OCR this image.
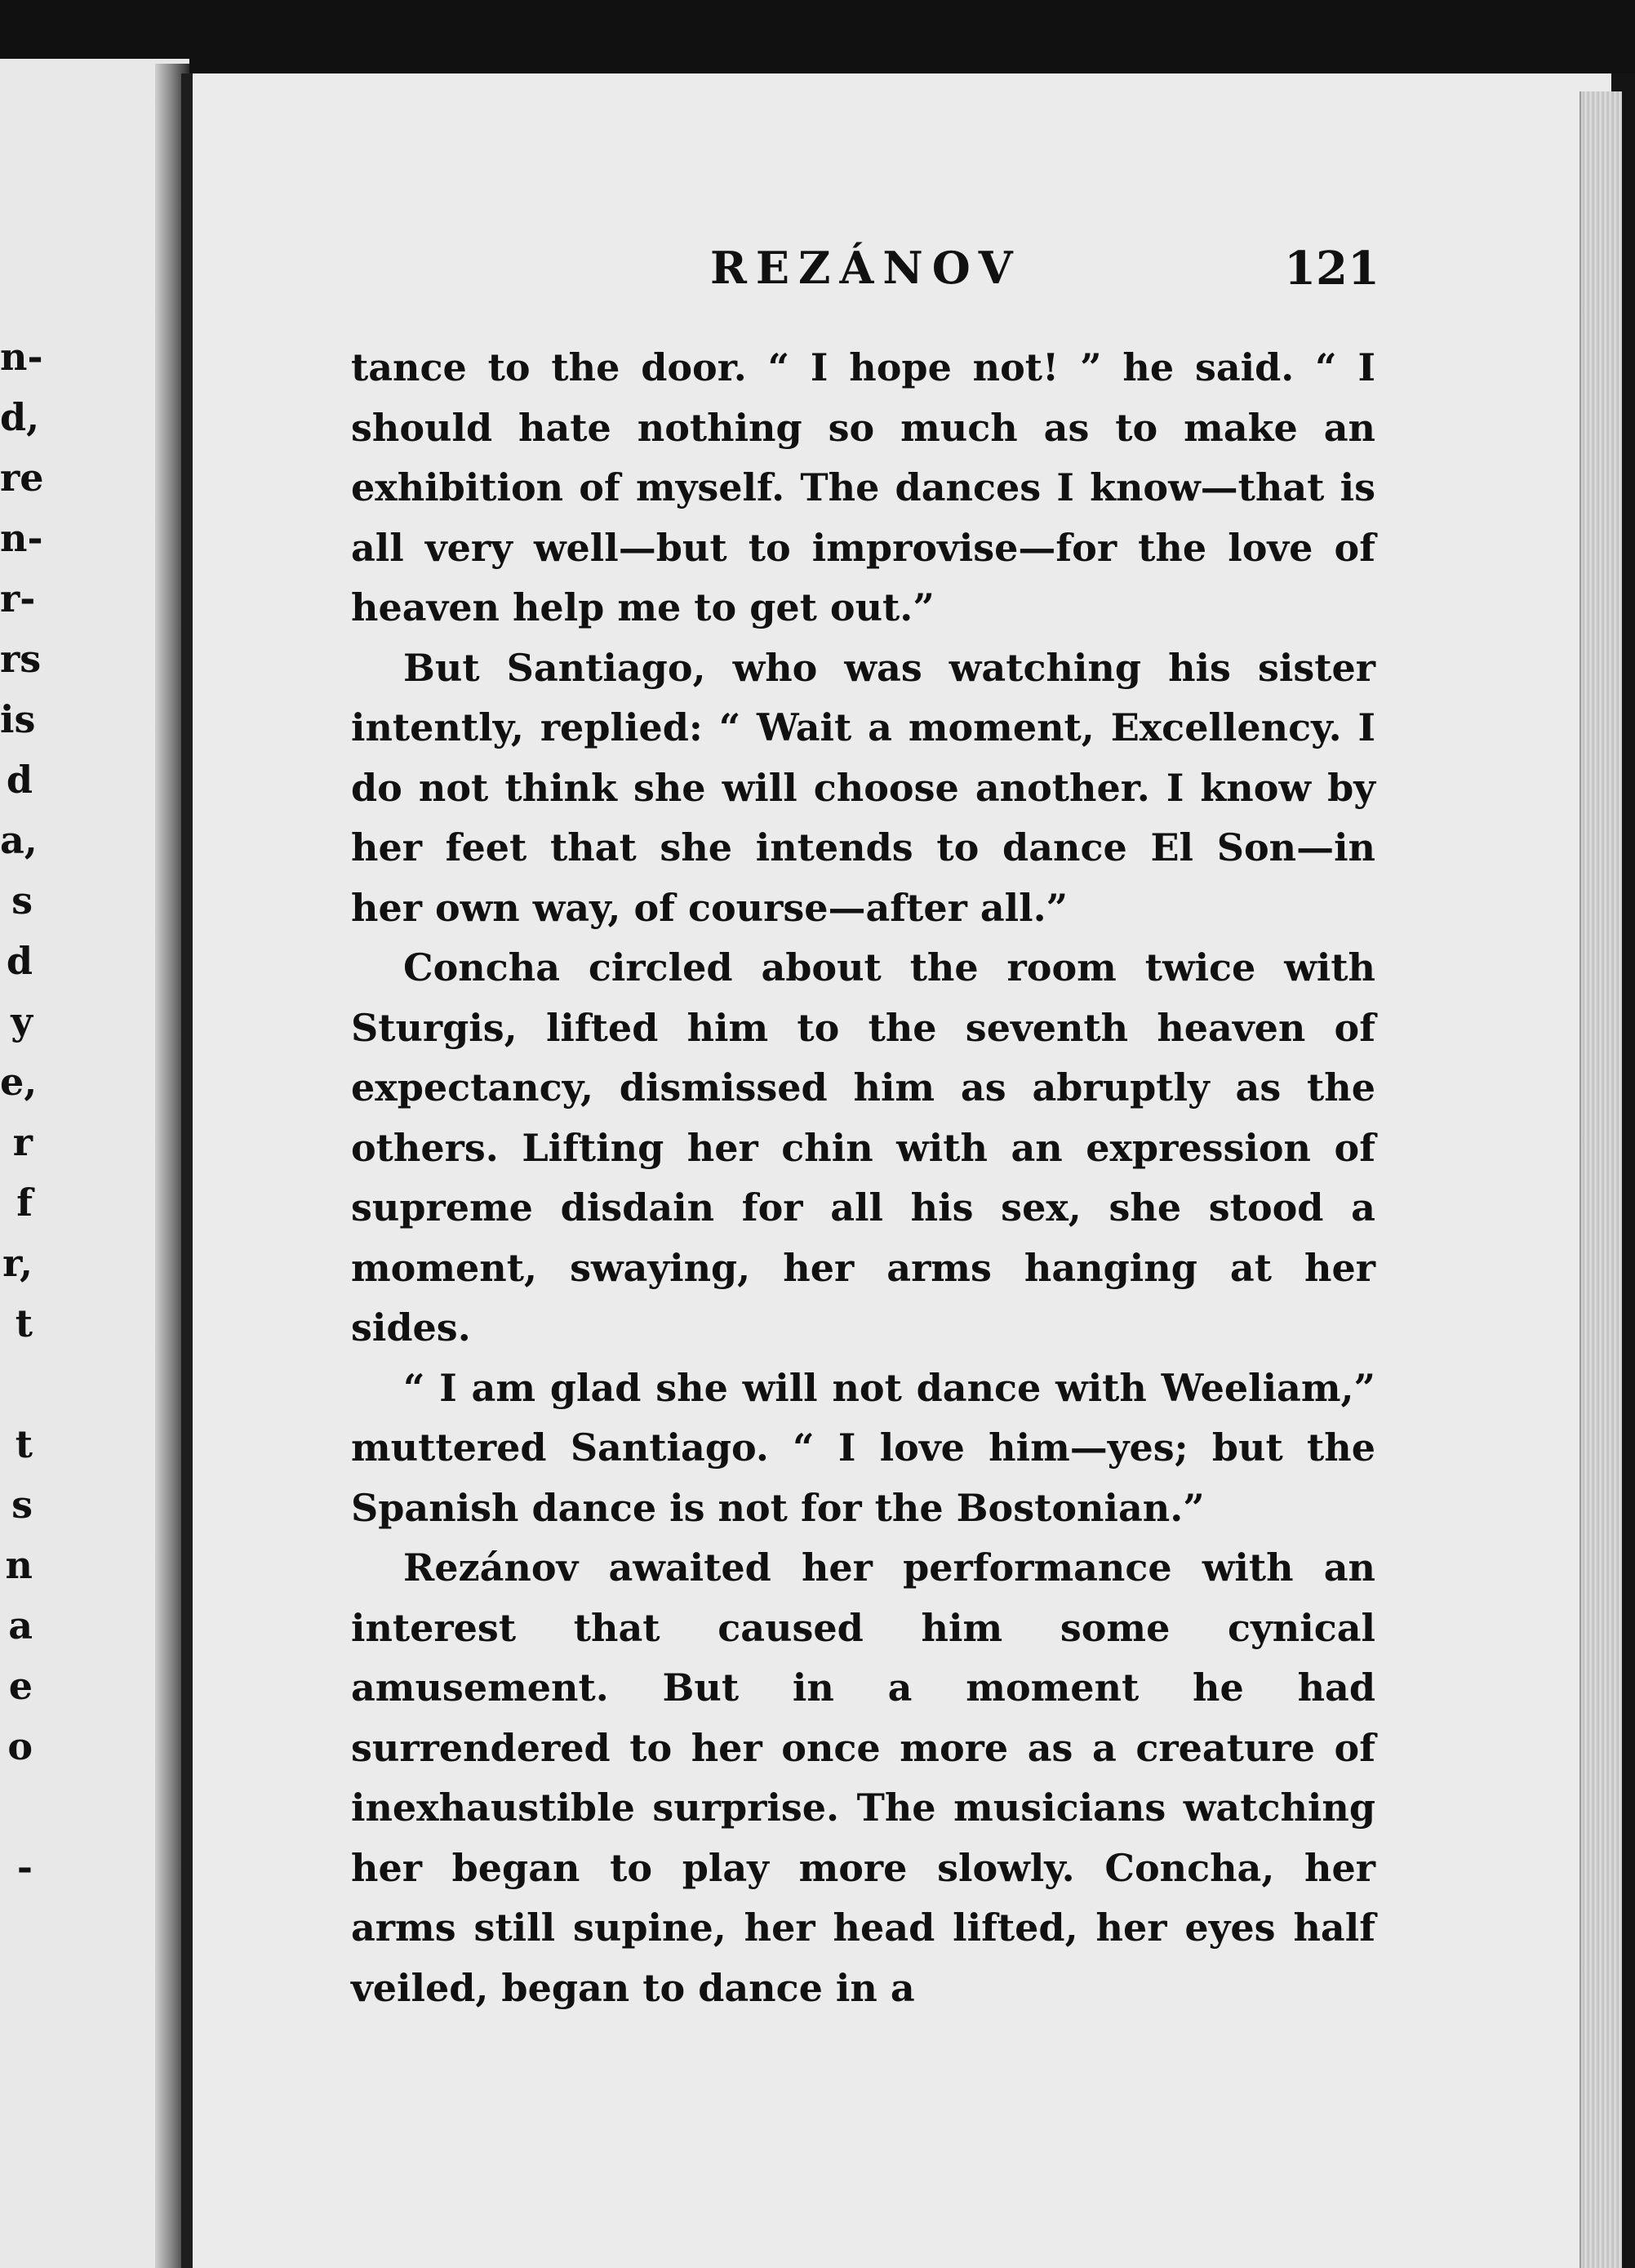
n-
d,
re
n-
r-
rs
is
d
a,
s
d
y
e,
r
f
r,
t

t
s
n
a
e
o

-
REZÁNOV	121

tance to the door. “ I hope not! ” he said. “ I should hate nothing so much as to make an exhibition of myself. The dances I know—that is all very well—but to improvise—for the love of heaven help me to get out.”

But Santiago, who was watching his sister intently, replied: “ Wait a moment, Excellency. I do not think she will choose another. I know by her feet that she intends to dance El Son—in her own way, of course—after all.”

Concha circled about the room twice with Sturgis, lifted him to the seventh heaven of expectancy, dismissed him as abruptly as the others. Lifting her chin with an expression of supreme disdain for all his sex, she stood a moment, swaying, her arms hanging at her sides.

“ I am glad she will not dance with Weeliam,” muttered Santiago. “ I love him—yes; but the Spanish dance is not for the Bostonian.”

Rezánov awaited her performance with an interest that caused him some cynical amusement. But in a moment he had surrendered to her once more as a creature of inexhaustible surprise. The musicians watching her began to play more slowly. Concha, her arms still supine, her head lifted, her eyes half veiled, began to dance in a
